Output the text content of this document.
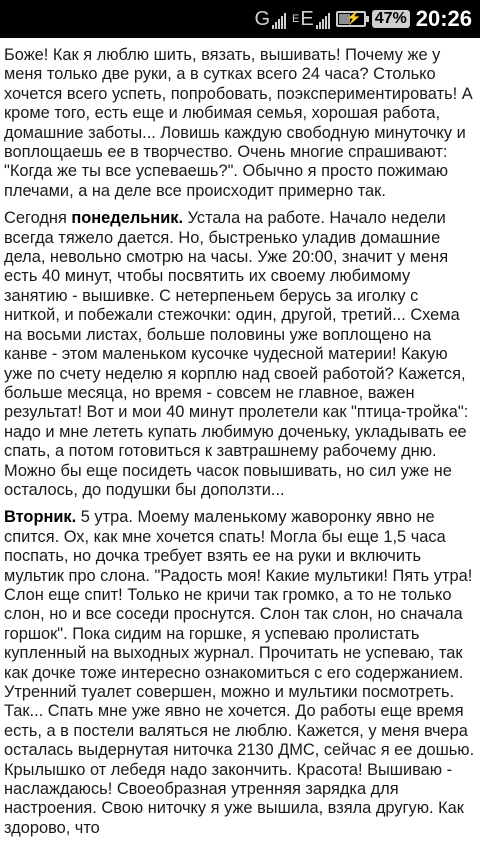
G E E ⚡ 47% 20:26

Боже! Как я люблю шить, вязать, вышивать! Почему же у меня только две руки, а в сутках всего 24 часа? Столько хочется всего успеть, попробовать, поэкспериментировать! А кроме того, есть еще и любимая семья, хорошая работа, домашние заботы... Ловишь каждую свободную минуточку и воплощаешь ее в творчество. Очень многие спрашивают: "Когда же ты все успеваешь?". Обычно я просто пожимаю плечами, а на деле все происходит примерно так.

Сегодня понедельник. Устала на работе. Начало недели всегда тяжело дается. Но, быстренько уладив домашние дела, невольно смотрю на часы. Уже 20:00, значит у меня есть 40 минут, чтобы посвятить их своему любимому занятию - вышивке. С нетерпеньем берусь за иголку с ниткой, и побежали стежочки: один, другой, третий... Схема на восьми листах, больше половины уже воплощено на канве - этом маленьком кусочке чудесной материи! Какую уже по счету неделю я корплю над своей работой? Кажется, больше месяца, но время - совсем не главное, важен результат! Вот и мои 40 минут пролетели как "птица-тройка": надо и мне лететь купать любимую доченьку, укладывать ее спать, а потом готовиться к завтрашнему рабочему дню. Можно бы еще посидеть часок повышивать, но сил уже не осталось, до подушки бы доползти...

Вторник. 5 утра. Моему маленькому жаворонку явно не спится. Ох, как мне хочется спать! Могла бы еще 1,5 часа поспать, но дочка требует взять ее на руки и включить мультик про слона. "Радость моя! Какие мультики! Пять утра! Слон еще спит! Только не кричи так громко, а то не только слон, но и все соседи проснутся. Слон так слон, но сначала горшок". Пока сидим на горшке, я успеваю пролистать купленный на выходных журнал. Прочитать не успеваю, так как дочке тоже интересно ознакомиться с его содержанием. Утренний туалет совершен, можно и мультики посмотреть. Так... Спать мне уже явно не хочется. До работы еще время есть, а в постели валяться не люблю. Кажется, у меня вчера осталась выдернутая ниточка 2130 ДМС, сейчас я ее дошью. Крылышко от лебедя надо закончить. Красота! Вышиваю - наслаждаюсь! Своеобразная утренняя зарядка для настроения. Свою ниточку я уже вышила, взяла другую. Как здорово, что
